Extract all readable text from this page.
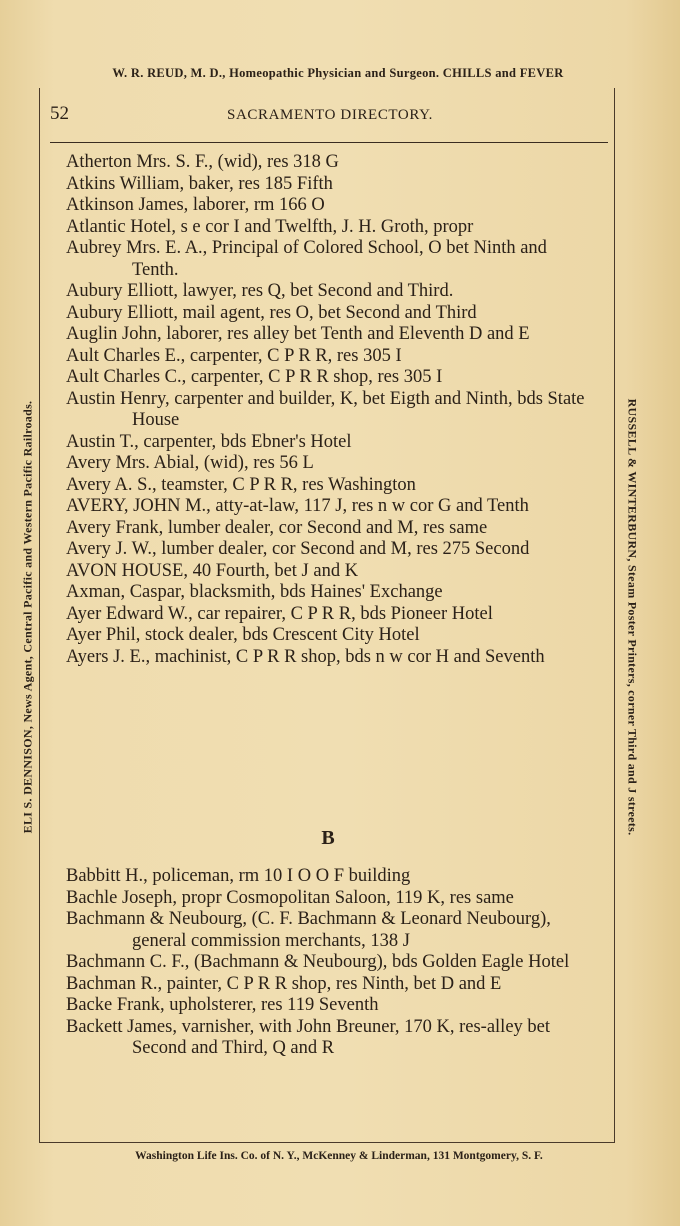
W. R. REUD, M. D., Homeopathic Physician and Surgeon. CHILLS and FEVER
ELI S. DENNISON, News Agent, Central Pacific and Western Pacific Railroads.	RUSSELL & WINTERBURN, Steam Poster Printers, corner Third and J streets.
52	SACRAMENTO DIRECTORY.

Atherton Mrs. S. F., (wid), res 318 G

Atkins William, baker, res 185 Fifth

Atkinson James, laborer, rm 166 O

Atlantic Hotel, s e cor I and Twelfth, J. H. Groth, propr

Aubrey Mrs. E. A., Principal of Colored School, O bet Ninth and Tenth.

Aubury Elliott, lawyer, res Q, bet Second and Third.

Aubury Elliott, mail agent, res O, bet Second and Third

Auglin John, laborer, res alley bet Tenth and Eleventh D and E

Ault Charles E., carpenter, C P R R, res 305 I

Ault Charles C., carpenter, C P R R shop, res 305 I

Austin Henry, carpenter and builder, K, bet Eigth and Ninth, bds State House

Austin T., carpenter, bds Ebner's Hotel

Avery Mrs. Abial, (wid), res 56 L

Avery A. S., teamster, C P R R, res Washington

AVERY, JOHN M., atty-at-law, 117 J, res n w cor G and Tenth

Avery Frank, lumber dealer, cor Second and M, res same

Avery J. W., lumber dealer, cor Second and M, res 275 Second

AVON HOUSE, 40 Fourth, bet J and K

Axman, Caspar, blacksmith, bds Haines' Exchange

Ayer Edward W., car repairer, C P R R, bds Pioneer Hotel

Ayer Phil, stock dealer, bds Crescent City Hotel

Ayers J. E., machinist, C P R R shop, bds n w cor H and Seventh

B

Babbitt H., policeman, rm 10 I O O F building

Bachle Joseph, propr Cosmopolitan Saloon, 119 K, res same

Bachmann & Neubourg, (C. F. Bachmann & Leonard Neubourg), general commission merchants, 138 J

Bachmann C. F., (Bachmann & Neubourg), bds Golden Eagle Hotel

Bachman R., painter, C P R R shop, res Ninth, bet D and E

Backe Frank, upholsterer, res 119 Seventh

Backett James, varnisher, with John Breuner, 170 K, res-alley bet Second and Third, Q and R

Washington Life Ins. Co. of N. Y., McKenney & Linderman, 131 Montgomery, S. F.
